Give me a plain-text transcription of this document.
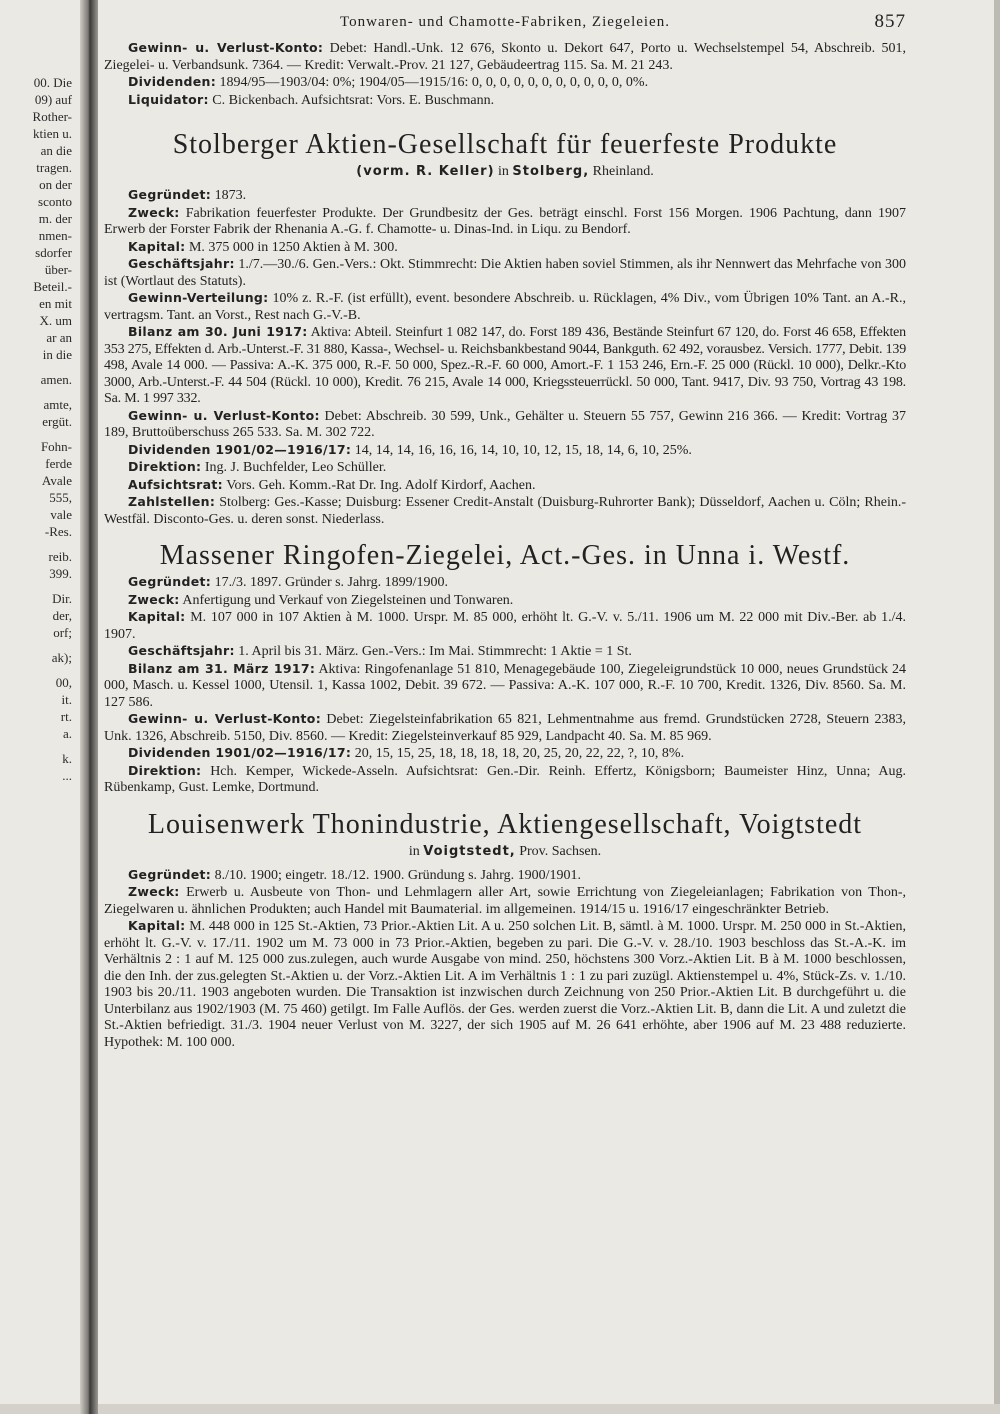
00. Die
09) auf
Rother-
ktien u.
an die
tragen.
on der
sconto
m. der
nmen-
sdorfer
über-
Beteil.-
en mit
X. um
ar an
in die
amen.
amte,
ergüt.
Fohn-
ferde
Avale
555,
vale
-Res.
reib.
399.
Dir.
der,
orf;
ak);
00,
it.
rt.
a.
k.
...
Tonwaren- und Chamotte-Fabriken, Ziegeleien.	857

Gewinn- u. Verlust-Konto: Debet: Handl.-Unk. 12 676, Skonto u. Dekort 647, Porto u. Wechselstempel 54, Abschreib. 501, Ziegelei- u. Verbandsunk. 7364. — Kredit: Verwalt.-Prov. 21 127, Gebäudeertrag 115. Sa. M. 21 243.

Dividenden: 1894/95—1903/04: 0%; 1904/05—1915/16: 0, 0, 0, 0, 0, 0, 0, 0, 0, 0, 0, 0%.

Liquidator: C. Bickenbach. Aufsichtsrat: Vors. E. Buschmann.

Stolberger Aktien-Gesellschaft für feuerfeste Produkte
(vorm. R. Keller) in Stolberg, Rheinland.

Gegründet: 1873.

Zweck: Fabrikation feuerfester Produkte. Der Grundbesitz der Ges. beträgt einschl. Forst 156 Morgen. 1906 Pachtung, dann 1907 Erwerb der Forster Fabrik der Rhenania A.-G. f. Chamotte- u. Dinas-Ind. in Liqu. zu Bendorf.

Kapital: M. 375 000 in 1250 Aktien à M. 300.

Geschäftsjahr: 1./7.—30./6. Gen.-Vers.: Okt. Stimmrecht: Die Aktien haben soviel Stimmen, als ihr Nennwert das Mehrfache von 300 ist (Wortlaut des Statuts).

Gewinn-Verteilung: 10% z. R.-F. (ist erfüllt), event. besondere Abschreib. u. Rücklagen, 4% Div., vom Übrigen 10% Tant. an A.-R., vertragsm. Tant. an Vorst., Rest nach G.-V.-B.

Bilanz am 30. Juni 1917: Aktiva: Abteil. Steinfurt 1 082 147, do. Forst 189 436, Bestände Steinfurt 67 120, do. Forst 46 658, Effekten 353 275, Effekten d. Arb.-Unterst.-F. 31 880, Kassa-, Wechsel- u. Reichsbankbestand 9044, Bankguth. 62 492, vorausbez. Versich. 1777, Debit. 139 498, Avale 14 000. — Passiva: A.-K. 375 000, R.-F. 50 000, Spez.-R.-F. 60 000, Amort.-F. 1 153 246, Ern.-F. 25 000 (Rückl. 10 000), Delkr.-Kto 3000, Arb.-Unterst.-F. 44 504 (Rückl. 10 000), Kredit. 76 215, Avale 14 000, Kriegssteuerrückl. 50 000, Tant. 9417, Div. 93 750, Vortrag 43 198. Sa. M. 1 997 332.

Gewinn- u. Verlust-Konto: Debet: Abschreib. 30 599, Unk., Gehälter u. Steuern 55 757, Gewinn 216 366. — Kredit: Vortrag 37 189, Bruttoüberschuss 265 533. Sa. M. 302 722.

Dividenden 1901/02—1916/17: 14, 14, 14, 16, 16, 16, 14, 10, 10, 12, 15, 18, 14, 6, 10, 25%.

Direktion: Ing. J. Buchfelder, Leo Schüller.

Aufsichtsrat: Vors. Geh. Komm.-Rat Dr. Ing. Adolf Kirdorf, Aachen.

Zahlstellen: Stolberg: Ges.-Kasse; Duisburg: Essener Credit-Anstalt (Duisburg-Ruhrorter Bank); Düsseldorf, Aachen u. Cöln; Rhein.-Westfäl. Disconto-Ges. u. deren sonst. Niederlass.

Massener Ringofen-Ziegelei, Act.-Ges. in Unna i. Westf.

Gegründet: 17./3. 1897. Gründer s. Jahrg. 1899/1900.

Zweck: Anfertigung und Verkauf von Ziegelsteinen und Tonwaren.

Kapital: M. 107 000 in 107 Aktien à M. 1000. Urspr. M. 85 000, erhöht lt. G.-V. v. 5./11. 1906 um M. 22 000 mit Div.-Ber. ab 1./4. 1907.

Geschäftsjahr: 1. April bis 31. März. Gen.-Vers.: Im Mai. Stimmrecht: 1 Aktie = 1 St.

Bilanz am 31. März 1917: Aktiva: Ringofenanlage 51 810, Menagegebäude 100, Ziegeleigrundstück 10 000, neues Grundstück 24 000, Masch. u. Kessel 1000, Utensil. 1, Kassa 1002, Debit. 39 672. — Passiva: A.-K. 107 000, R.-F. 10 700, Kredit. 1326, Div. 8560. Sa. M. 127 586.

Gewinn- u. Verlust-Konto: Debet: Ziegelsteinfabrikation 65 821, Lehmentnahme aus fremd. Grundstücken 2728, Steuern 2383, Unk. 1326, Abschreib. 5150, Div. 8560. — Kredit: Ziegelsteinverkauf 85 929, Landpacht 40. Sa. M. 85 969.

Dividenden 1901/02—1916/17: 20, 15, 15, 25, 18, 18, 18, 18, 20, 25, 20, 22, 22, ?, 10, 8%.

Direktion: Hch. Kemper, Wickede-Asseln. Aufsichtsrat: Gen.-Dir. Reinh. Effertz, Königsborn; Baumeister Hinz, Unna; Aug. Rübenkamp, Gust. Lemke, Dortmund.

Louisenwerk Thonindustrie, Aktiengesellschaft, Voigtstedt
in Voigtstedt, Prov. Sachsen.

Gegründet: 8./10. 1900; eingetr. 18./12. 1900. Gründung s. Jahrg. 1900/1901.

Zweck: Erwerb u. Ausbeute von Thon- und Lehmlagern aller Art, sowie Errichtung von Ziegeleianlagen; Fabrikation von Thon-, Ziegelwaren u. ähnlichen Produkten; auch Handel mit Baumaterial. im allgemeinen. 1914/15 u. 1916/17 eingeschränkter Betrieb.

Kapital: M. 448 000 in 125 St.-Aktien, 73 Prior.-Aktien Lit. A u. 250 solchen Lit. B, sämtl. à M. 1000. Urspr. M. 250 000 in St.-Aktien, erhöht lt. G.-V. v. 17./11. 1902 um M. 73 000 in 73 Prior.-Aktien, begeben zu pari. Die G.-V. v. 28./10. 1903 beschloss das St.-A.-K. im Verhältnis 2 : 1 auf M. 125 000 zus.zulegen, auch wurde Ausgabe von mind. 250, höchstens 300 Vorz.-Aktien Lit. B à M. 1000 beschlossen, die den Inh. der zus.gelegten St.-Aktien u. der Vorz.-Aktien Lit. A im Verhältnis 1 : 1 zu pari zuzügl. Aktienstempel u. 4%, Stück-Zs. v. 1./10. 1903 bis 20./11. 1903 angeboten wurden. Die Transaktion ist inzwischen durch Zeichnung von 250 Prior.-Aktien Lit. B durchgeführt u. die Unterbilanz aus 1902/1903 (M. 75 460) getilgt. Im Falle Auflös. der Ges. werden zuerst die Vorz.-Aktien Lit. B, dann die Lit. A und zuletzt die St.-Aktien befriedigt. 31./3. 1904 neuer Verlust von M. 3227, der sich 1905 auf M. 26 641 erhöhte, aber 1906 auf M. 23 488 reduzierte. Hypothek: M. 100 000.
